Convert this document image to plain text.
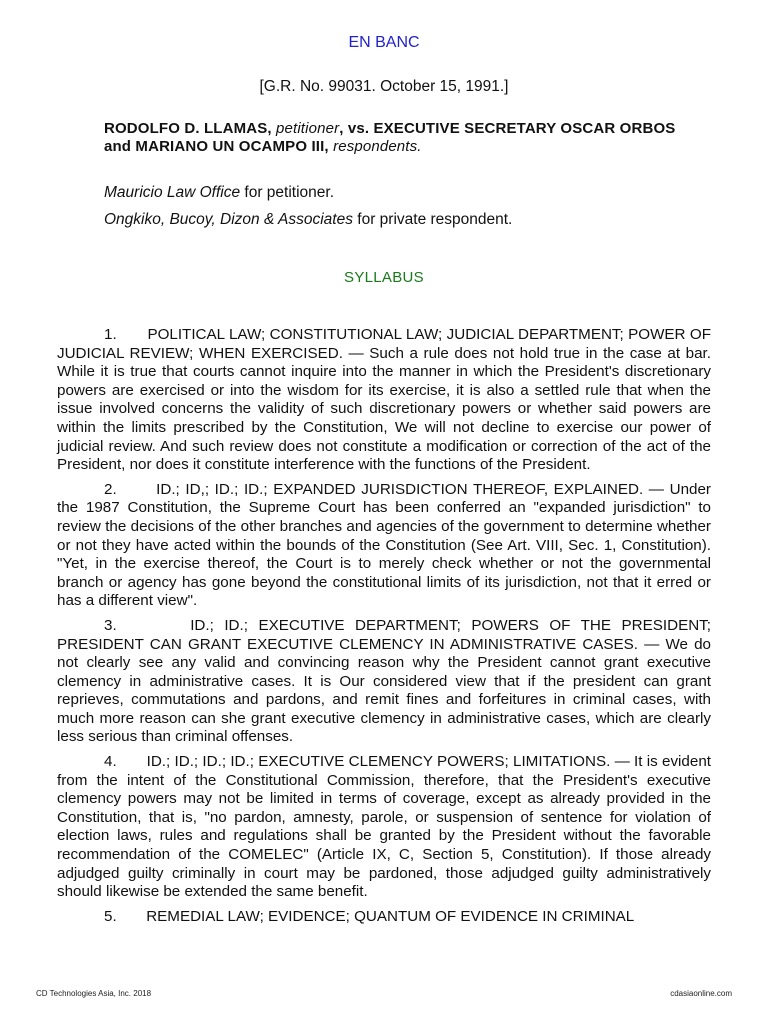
EN BANC
[G.R. No. 99031. October 15, 1991.]
RODOLFO D. LLAMAS, petitioner, vs. EXECUTIVE SECRETARY OSCAR ORBOS and MARIANO UN OCAMPO III, respondents.
Mauricio Law Office for petitioner.
Ongkiko, Bucoy, Dizon & Associates for private respondent.
SYLLABUS

1.       POLITICAL LAW; CONSTITUTIONAL LAW; JUDICIAL DEPARTMENT; POWER OF JUDICIAL REVIEW; WHEN EXERCISED. — Such a rule does not hold true in the case at bar. While it is true that courts cannot inquire into the manner in which the President's discretionary powers are exercised or into the wisdom for its exercise, it is also a settled rule that when the issue involved concerns the validity of such discretionary powers or whether said powers are within the limits prescribed by the Constitution, We will not decline to exercise our power of judicial review. And such review does not constitute a modification or correction of the act of the President, nor does it constitute interference with the functions of the President.

2.       ID.; ID,; ID.; ID.; EXPANDED JURISDICTION THEREOF, EXPLAINED. — Under the 1987 Constitution, the Supreme Court has been conferred an "expanded jurisdiction" to review the decisions of the other branches and agencies of the government to determine whether or not they have acted within the bounds of the Constitution (See Art. VIII, Sec. 1, Constitution). "Yet, in the exercise thereof, the Court is to merely check whether or not the governmental branch or agency has gone beyond the constitutional limits of its jurisdiction, not that it erred or has a different view".

3.       ID.; ID.; EXECUTIVE DEPARTMENT; POWERS OF THE PRESIDENT; PRESIDENT CAN GRANT EXECUTIVE CLEMENCY IN ADMINISTRATIVE CASES. — We do not clearly see any valid and convincing reason why the President cannot grant executive clemency in administrative cases. It is Our considered view that if the president can grant reprieves, commutations and pardons, and remit fines and forfeitures in criminal cases, with much more reason can she grant executive clemency in administrative cases, which are clearly less serious than criminal offenses.

4.       ID.; ID.; ID.; ID.; EXECUTIVE CLEMENCY POWERS; LIMITATIONS. — It is evident from the intent of the Constitutional Commission, therefore, that the President's executive clemency powers may not be limited in terms of coverage, except as already provided in the Constitution, that is, "no pardon, amnesty, parole, or suspension of sentence for violation of election laws, rules and regulations shall be granted by the President without the favorable recommendation of the COMELEC" (Article IX, C, Section 5, Constitution). If those already adjudged guilty criminally in court may be pardoned, those adjudged guilty administratively should likewise be extended the same benefit.

5.       REMEDIAL LAW; EVIDENCE; QUANTUM OF EVIDENCE IN CRIMINAL

CD Technologies Asia, Inc. 2018	cdasiaonline.com
